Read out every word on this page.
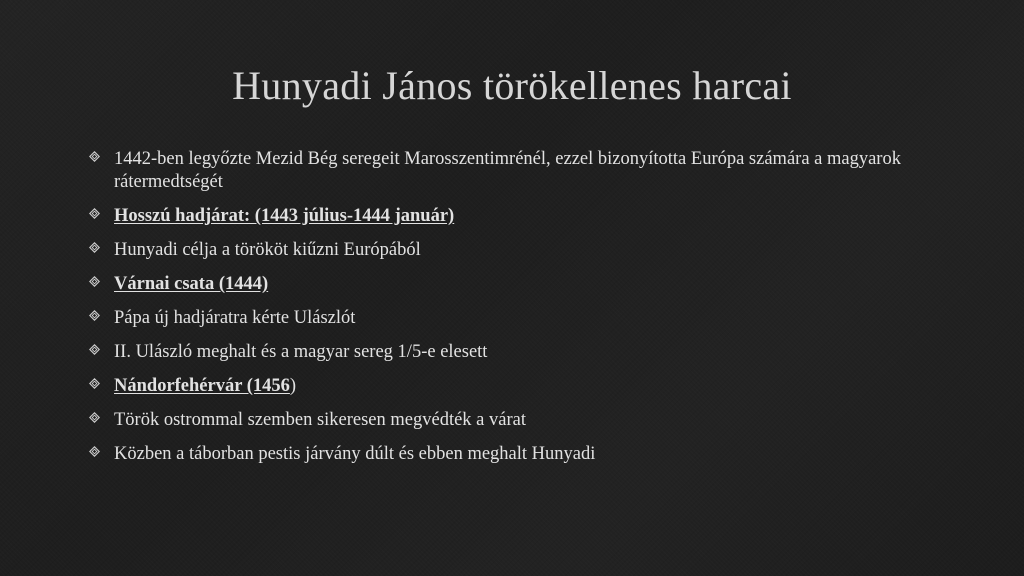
Hunyadi János törökellenes harcai
1442-ben legyőzte Mezid Bég seregeit Marosszentimrénél, ezzel bizonyította Európa számára a magyarok rátermedtségét
Hosszú hadjárat: (1443 július-1444 január)
Hunyadi célja a törököt kiűzni Európából
Várnai csata (1444)
Pápa új hadjáratra kérte Ulászlót
II. Ulászló meghalt és a magyar sereg 1/5-e elesett
Nándorfehérvár (1456)
Török ostrommal szemben sikeresen megvédték a várat
Közben a táborban pestis járvány dúlt és ebben meghalt Hunyadi
